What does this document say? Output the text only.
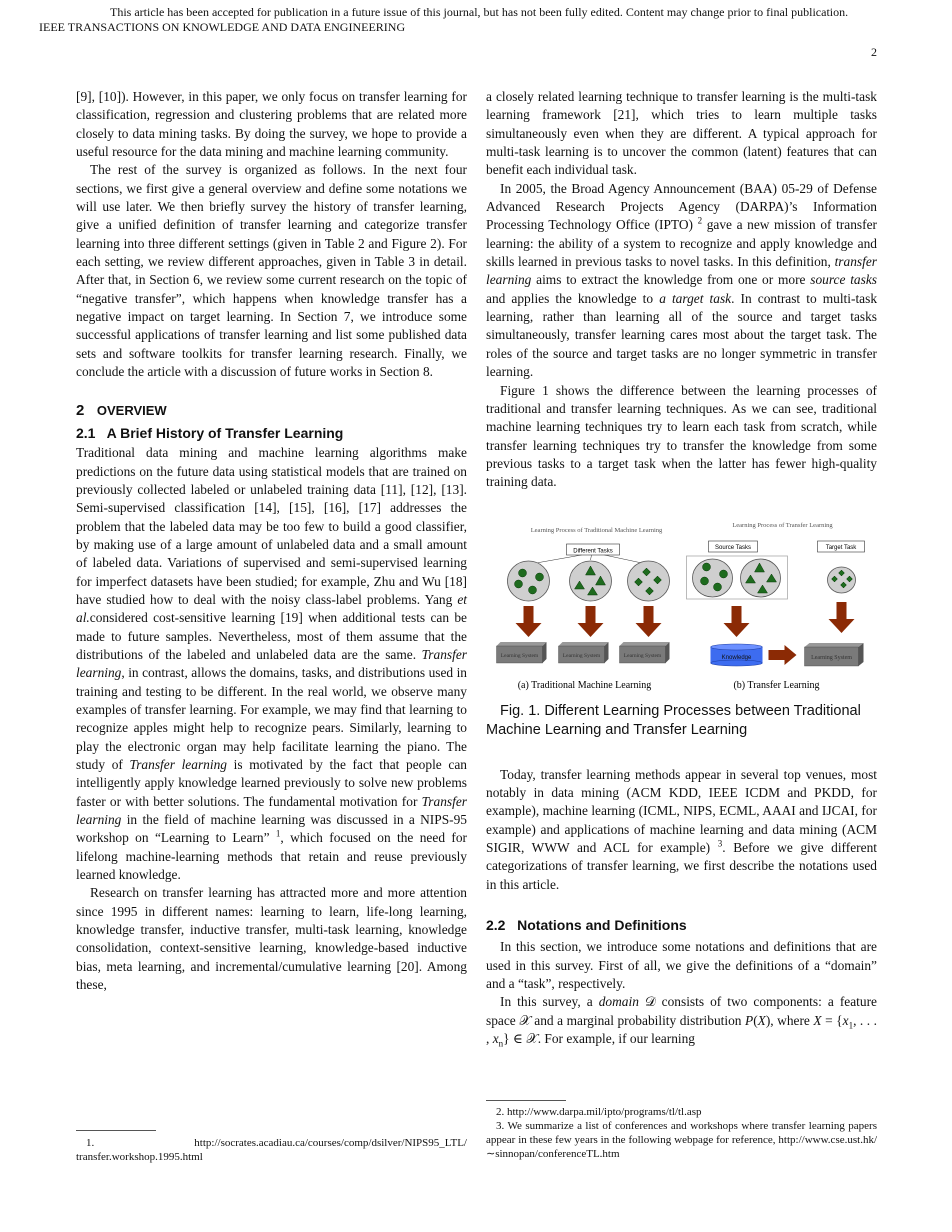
This article has been accepted for publication in a future issue of this journal, but has not been fully edited. Content may change prior to final publication.
IEEE TRANSACTIONS ON KNOWLEDGE AND DATA ENGINEERING
2

[9], [10]). However, in this paper, we only focus on transfer learning for classification, regression and clustering problems that are related more closely to data mining tasks. By doing the survey, we hope to provide a useful resource for the data mining and machine learning community.

The rest of the survey is organized as follows. In the next four sections, we first give a general overview and define some notations we will use later. We then briefly survey the history of transfer learning, give a unified definition of transfer learning and categorize transfer learning into three different settings (given in Table 2 and Figure 2). For each setting, we review different approaches, given in Table 3 in detail. After that, in Section 6, we review some current research on the topic of “negative transfer”, which happens when knowledge transfer has a negative impact on target learning. In Section 7, we introduce some successful applications of transfer learning and list some published data sets and software toolkits for transfer learning research. Finally, we conclude the article with a discussion of future works in Section 8.

2 OVERVIEW

2.1   A Brief History of Transfer Learning

Traditional data mining and machine learning algorithms make predictions on the future data using statistical models that are trained on previously collected labeled or unlabeled training data [11], [12], [13]. Semi-supervised classification [14], [15], [16], [17] addresses the problem that the labeled data may be too few to build a good classifier, by making use of a large amount of unlabeled data and a small amount of labeled data. Variations of supervised and semi-supervised learning for imperfect datasets have been studied; for example, Zhu and Wu [18] have studied how to deal with the noisy class-label problems. Yang et al.considered cost-sensitive learning [19] when additional tests can be made to future samples. Nevertheless, most of them assume that the distributions of the labeled and unlabeled data are the same. Transfer learning, in contrast, allows the domains, tasks, and distributions used in training and testing to be different. In the real world, we observe many examples of transfer learning. For example, we may find that learning to recognize apples might help to recognize pears. Similarly, learning to play the electronic organ may help facilitate learning the piano. The study of Transfer learning is motivated by the fact that people can intelligently apply knowledge learned previously to solve new problems faster or with better solutions. The fundamental motivation for Transfer learning in the field of machine learning was discussed in a NIPS-95 workshop on “Learning to Learn” $^1$, which focused on the need for lifelong machine-learning methods that retain and reuse previously learned knowledge.

Research on transfer learning has attracted more and more attention since 1995 in different names: learning to learn, life-long learning, knowledge transfer, inductive transfer, multi-task learning, knowledge consolidation, context-sensitive learning, knowledge-based inductive bias, meta learning, and incremental/cumulative learning [20]. Among these,

1. http://socrates.acadiau.ca/courses/comp/dsilver/NIPS95_LTL/ transfer.workshop.1995.html

a closely related learning technique to transfer learning is the multi-task learning framework [21], which tries to learn multiple tasks simultaneously even when they are different. A typical approach for multi-task learning is to uncover the common (latent) features that can benefit each individual task.

In 2005, the Broad Agency Announcement (BAA) 05-29 of Defense Advanced Research Projects Agency (DARPA)’s Information Processing Technology Office (IPTO) $^2$ gave a new mission of transfer learning: the ability of a system to recognize and apply knowledge and skills learned in previous tasks to novel tasks. In this definition, transfer learning aims to extract the knowledge from one or more source tasks and applies the knowledge to a target task. In contrast to multi-task learning, rather than learning all of the source and target tasks simultaneously, transfer learning cares most about the target task. The roles of the source and target tasks are no longer symmetric in transfer learning.

Figure 1 shows the difference between the learning processes of traditional and transfer learning techniques. As we can see, traditional machine learning techniques try to learn each task from scratch, while transfer learning techniques try to transfer the knowledge from some previous tasks to a target task when the latter has fewer high-quality training data.

Learning Process of Traditional Machine Learning
Different Tasks
Source Tasks	Target Task
Learning Process of Transfer Learning
Learning System	Learning System	Learning System	Learning System
Knowledge
(a) Traditional Machine Learning	(b) Transfer Learning

Fig. 1. Different Learning Processes between Traditional Machine Learning and Transfer Learning

Today, transfer learning methods appear in several top venues, most notably in data mining (ACM KDD, IEEE ICDM and PKDD, for example), machine learning (ICML, NIPS, ECML, AAAI and IJCAI, for example) and applications of machine learning and data mining (ACM SIGIR, WWW and ACL for example) $^3$. Before we give different categorizations of transfer learning, we first describe the notations used in this article.

2.2   Notations and Definitions

In this section, we introduce some notations and definitions that are used in this survey. First of all, we give the definitions of a “domain” and a “task”, respectively.

In this survey, a domain 𝒟 consists of two components: a feature space 𝒳 and a marginal probability distribution P(X), where $X = \{x_1$, . . . , $x_n$} ∈ 𝒳. For example, if our learning

2. http://www.darpa.mil/ipto/programs/tl/tl.asp

3. We summarize a list of conferences and workshops where transfer learning papers appear in these few years in the following webpage for reference, http://www.cse.ust.hk/∼sinnopan/conferenceTL.htm
